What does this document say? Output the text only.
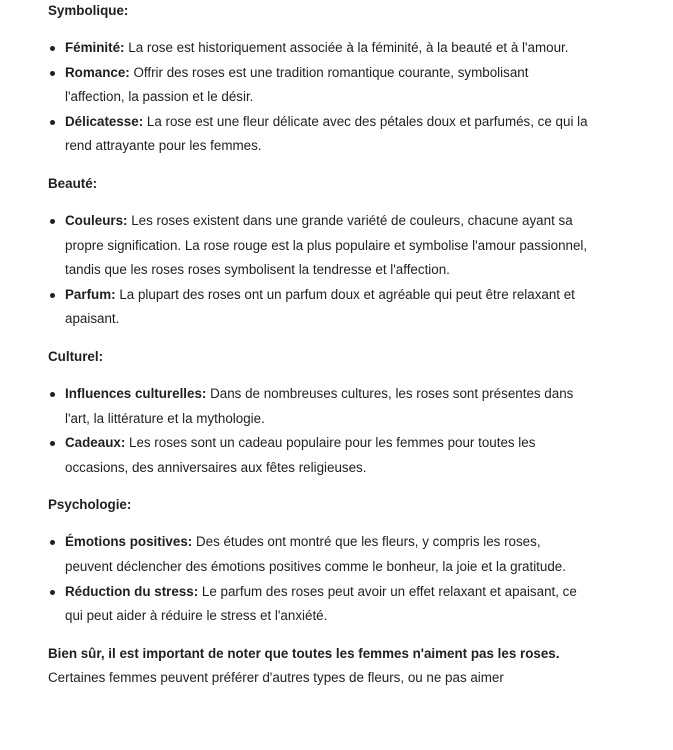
Symbolique:

Féminité: La rose est historiquement associée à la féminité, à la beauté et à l'amour.
Romance: Offrir des roses est une tradition romantique courante, symbolisant l'affection, la passion et le désir.
Délicatesse: La rose est une fleur délicate avec des pétales doux et parfumés, ce qui la rend attrayante pour les femmes.

Beauté:

Couleurs: Les roses existent dans une grande variété de couleurs, chacune ayant sa propre signification. La rose rouge est la plus populaire et symbolise l'amour passionnel, tandis que les roses roses symbolisent la tendresse et l'affection.
Parfum: La plupart des roses ont un parfum doux et agréable qui peut être relaxant et apaisant.

Culturel:

Influences culturelles: Dans de nombreuses cultures, les roses sont présentes dans l'art, la littérature et la mythologie.
Cadeaux: Les roses sont un cadeau populaire pour les femmes pour toutes les occasions, des anniversaires aux fêtes religieuses.

Psychologie:

Émotions positives: Des études ont montré que les fleurs, y compris les roses, peuvent déclencher des émotions positives comme le bonheur, la joie et la gratitude.
Réduction du stress: Le parfum des roses peut avoir un effet relaxant et apaisant, ce qui peut aider à réduire le stress et l'anxiété.

Bien sûr, il est important de noter que toutes les femmes n'aiment pas les roses. Certaines femmes peuvent préférer d'autres types de fleurs, ou ne pas aimer
